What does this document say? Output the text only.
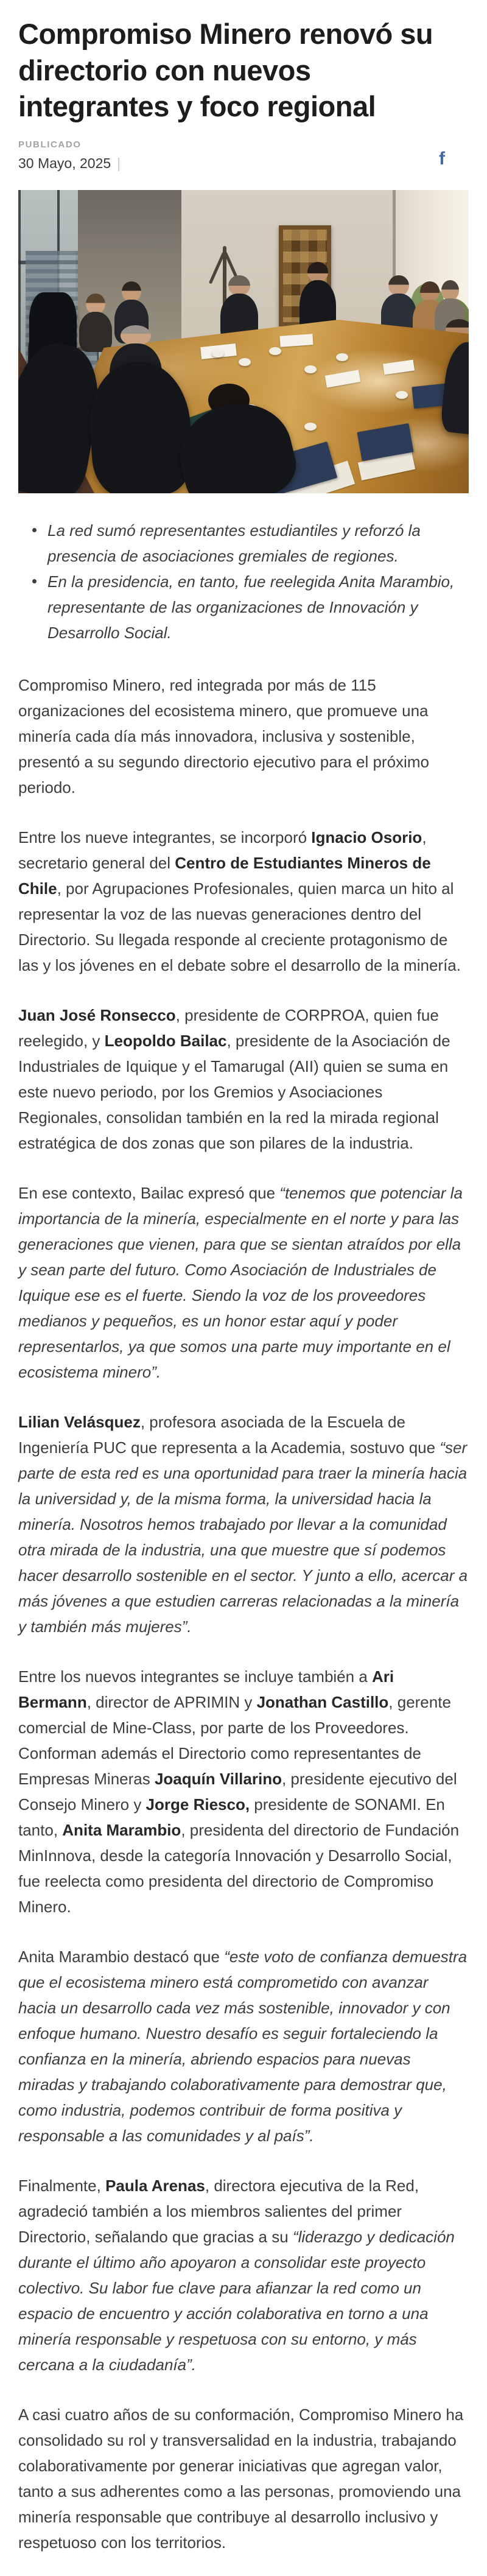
Compromiso Minero renovó su directorio con nuevos integrantes y foco regional
PUBLICADO
30 Mayo, 2025 |	f
La red sumó representantes estudiantiles y reforzó la presencia de asociaciones gremiales de regiones.
En la presidencia, en tanto, fue reelegida Anita Marambio, representante de las organizaciones de Innovación y Desarrollo Social.

Compromiso Minero, red integrada por más de 115 organizaciones del ecosistema minero, que promueve una minería cada día más innovadora, inclusiva y sostenible, presentó a su segundo directorio ejecutivo para el próximo periodo.

Entre los nueve integrantes, se incorporó Ignacio Osorio, secretario general del Centro de Estudiantes Mineros de Chile, por Agrupaciones Profesionales, quien marca un hito al representar la voz de las nuevas generaciones dentro del Directorio. Su llegada responde al creciente protagonismo de las y los jóvenes en el debate sobre el desarrollo de la minería.

Juan José Ronsecco, presidente de CORPROA, quien fue reelegido, y Leopoldo Bailac, presidente de la Asociación de Industriales de Iquique y el Tamarugal (AII) quien se suma en este nuevo periodo, por los Gremios y Asociaciones Regionales, consolidan también en la red la mirada regional estratégica de dos zonas que son pilares de la industria.

En ese contexto, Bailac expresó que “tenemos que potenciar la importancia de la minería, especialmente en el norte y para las generaciones que vienen, para que se sientan atraídos por ella y sean parte del futuro. Como Asociación de Industriales de Iquique ese es el fuerte. Siendo la voz de los proveedores medianos y pequeños, es un honor estar aquí y poder representarlos, ya que somos una parte muy importante en el ecosistema minero”.

Lilian Velásquez, profesora asociada de la Escuela de Ingeniería PUC que representa a la Academia, sostuvo que “ser parte de esta red es una oportunidad para traer la minería hacia la universidad y, de la misma forma, la universidad hacia la minería. Nosotros hemos trabajado por llevar a la comunidad otra mirada de la industria, una que muestre que sí podemos hacer desarrollo sostenible en el sector. Y junto a ello, acercar a más jóvenes a que estudien carreras relacionadas a la minería y también más mujeres”.

Entre los nuevos integrantes se incluye también a Ari Bermann, director de APRIMIN y Jonathan Castillo, gerente comercial de Mine-Class, por parte de los Proveedores. Conforman además el Directorio como representantes de Empresas Mineras Joaquín Villarino, presidente ejecutivo del Consejo Minero y Jorge Riesco, presidente de SONAMI. En tanto, Anita Marambio, presidenta del directorio de Fundación MinInnova, desde la categoría Innovación y Desarrollo Social, fue reelecta como presidenta del directorio de Compromiso Minero.

Anita Marambio destacó que “este voto de confianza demuestra que el ecosistema minero está comprometido con avanzar hacia un desarrollo cada vez más sostenible, innovador y con enfoque humano. Nuestro desafío es seguir fortaleciendo la confianza en la minería, abriendo espacios para nuevas miradas y trabajando colaborativamente para demostrar que, como industria, podemos contribuir de forma positiva y responsable a las comunidades y al país”.

Finalmente, Paula Arenas, directora ejecutiva de la Red, agradeció también a los miembros salientes del primer Directorio, señalando que gracias a su “liderazgo y dedicación durante el último año apoyaron a consolidar este proyecto colectivo. Su labor fue clave para afianzar la red como un espacio de encuentro y acción colaborativa en torno a una minería responsable y respetuosa con su entorno, y más cercana a la ciudadanía”.

A casi cuatro años de su conformación, Compromiso Minero ha consolidado su rol y transversalidad en la industria, trabajando colaborativamente por generar iniciativas que agregan valor, tanto a sus adherentes como a las personas, promoviendo una minería responsable que contribuye al desarrollo inclusivo y respetuoso con los territorios.
